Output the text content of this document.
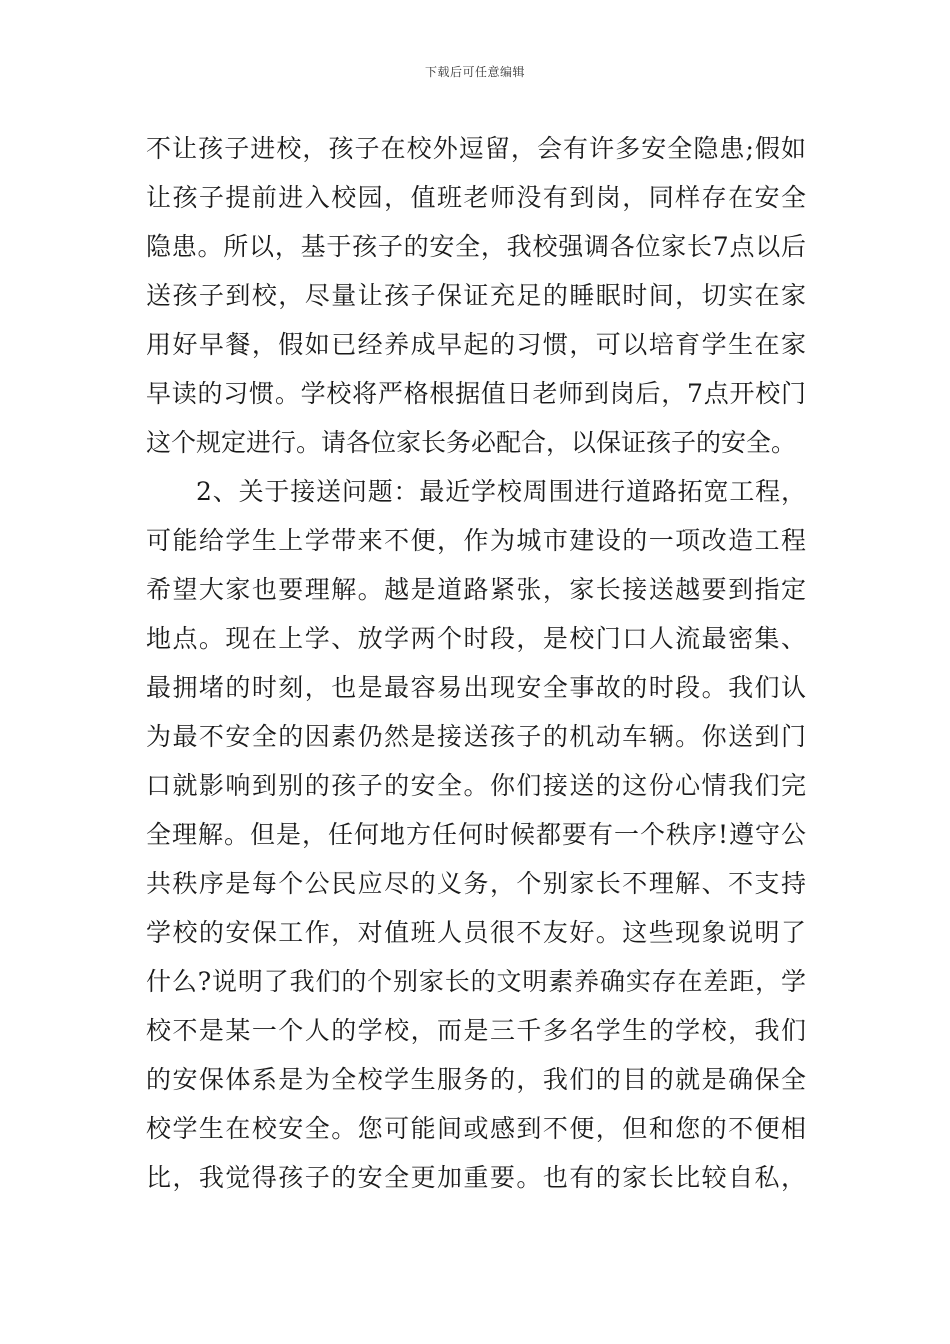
下载后可任意编辑
不让孩子进校，孩子在校外逗留，会有许多安全隐患;假如
让孩子提前进入校园，值班老师没有到岗，同样存在安全
隐患。所以，基于孩子的安全，我校强调各位家长7点以后
送孩子到校，尽量让孩子保证充足的睡眠时间，切实在家
用好早餐，假如已经养成早起的习惯，可以培育学生在家
早读的习惯。学校将严格根据值日老师到岗后，7点开校门
这个规定进行。请各位家长务必配合，以保证孩子的安全。
2、关于接送问题：最近学校周围进行道路拓宽工程，
可能给学生上学带来不便，作为城市建设的一项改造工程
希望大家也要理解。越是道路紧张，家长接送越要到指定
地点。现在上学、放学两个时段，是校门口人流最密集、
最拥堵的时刻，也是最容易出现安全事故的时段。我们认
为最不安全的因素仍然是接送孩子的机动车辆。你送到门
口就影响到别的孩子的安全。你们接送的这份心情我们完
全理解。但是，任何地方任何时候都要有一个秩序!遵守公
共秩序是每个公民应尽的义务，个别家长不理解、不支持
学校的安保工作，对值班人员很不友好。这些现象说明了
什么?说明了我们的个别家长的文明素养确实存在差距，学
校不是某一个人的学校，而是三千多名学生的学校，我们
的安保体系是为全校学生服务的，我们的目的就是确保全
校学生在校安全。您可能间或感到不便，但和您的不便相
比，我觉得孩子的安全更加重要。也有的家长比较自私，
